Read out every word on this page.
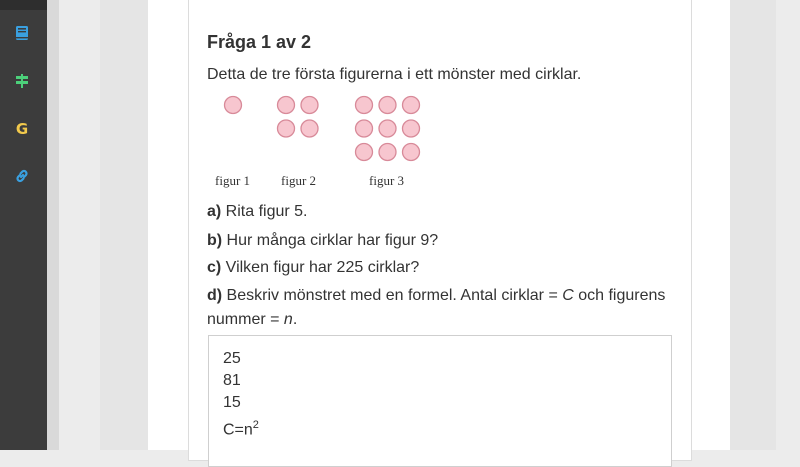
G
Fråga 1 av 2
Detta de tre första figurerna i ett mönster med cirklar.
figur 1 figur 2	figur 3
a) Rita figur 5.
b) Hur många cirklar har figur 9?
c) Vilken figur har 225 cirklar?
d) Beskriv mönstret med en formel. Antal cirklar = C och figurens nummer = n.
25
81
15
$C=n^2$
